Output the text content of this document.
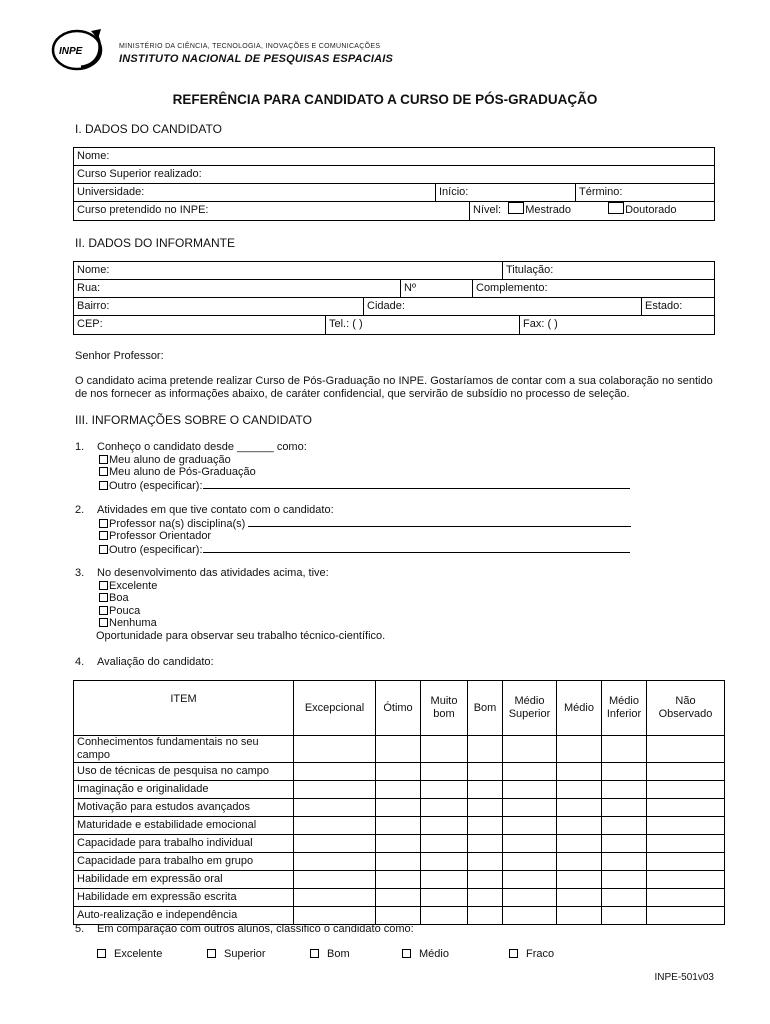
INPE	MINISTÉRIO DA CIÊNCIA, TECNOLOGIA, INOVAÇÕES E COMUNICAÇÕES
INSTITUTO NACIONAL DE PESQUISAS ESPACIAIS
REFERÊNCIA PARA CANDIDATO A CURSO DE PÓS-GRADUAÇÃO
I. DADOS DO CANDIDATO
Nome:
Curso Superior realizado:
Universidade:	Início:	Término:
Curso pretendido no INPE:	Nível: Mestrado	Doutorado
II. DADOS DO INFORMANTE
Nome:	Titulação:
Rua:	Nº	Complemento:
Bairro:	Cidade:	Estado:
CEP:	Tel.: ( )	Fax: ( )
Senhor Professor:
O candidato acima pretende realizar Curso de Pós-Graduação no INPE. Gostaríamos de contar com a sua colaboração no sentido de nos fornecer as informações abaixo, de caráter confidencial, que servirão de subsídio no processo de seleção.
III. INFORMAÇÕES SOBRE O CANDIDATO
1. Conheço o candidato desde ______ como:
Meu aluno de graduação
Meu aluno de Pós-Graduação
Outro (especificar):
2. Atividades em que tive contato com o candidato:
Professor na(s) disciplina(s)
Professor Orientador
Outro (especificar):
3. No desenvolvimento das atividades acima, tive:
Excelente
Boa
Pouca
Nenhuma
Oportunidade para observar seu trabalho técnico-científico.
4. Avaliação do candidato:
ITEM	Excepcional	Ótimo	Muito bom	Bom	Médio Superior	Médio	Médio Inferior	Não Observado
Conhecimentos fundamentais no seu campo								
Uso de técnicas de pesquisa no campo								
Imaginação e originalidade								
Motivação para estudos avançados								
Maturidade e estabilidade emocional								
Capacidade para trabalho individual								
Capacidade para trabalho em grupo								
Habilidade em expressão oral								
Habilidade em expressão escrita								
Auto-realização e independência								
5. Em comparação com outros alunos, classifico o candidato como:
Excelente	Superior	Bom	Médio	Fraco
INPE-501v03
